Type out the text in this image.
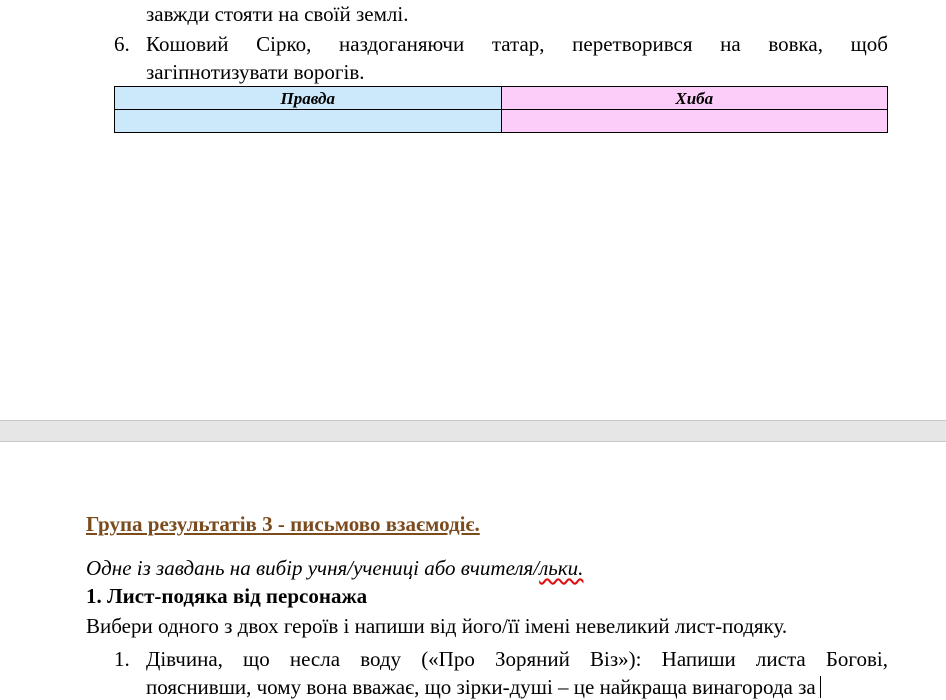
завжди стояти на своїй землі.
6. Кошовий Сірко, наздоганяючи татар, перетворився на вовка, щоб
загіпнотизувати ворогів.
Правда	Хиба

Група результатів 3 - письмово взаємодіє.
Одне із завдань на вибір учня/учениці або вчителя/льки.
1. Лист-подяка від персонажа
Вибери одного з двох героїв і напиши від його/її імені невеликий лист-подяку.
1. Дівчина, що несла воду («Про Зоряний Віз»): Напиши листа Богові,
пояснивши, чому вона вважає, що зірки-душі – це найкраща винагорода за
